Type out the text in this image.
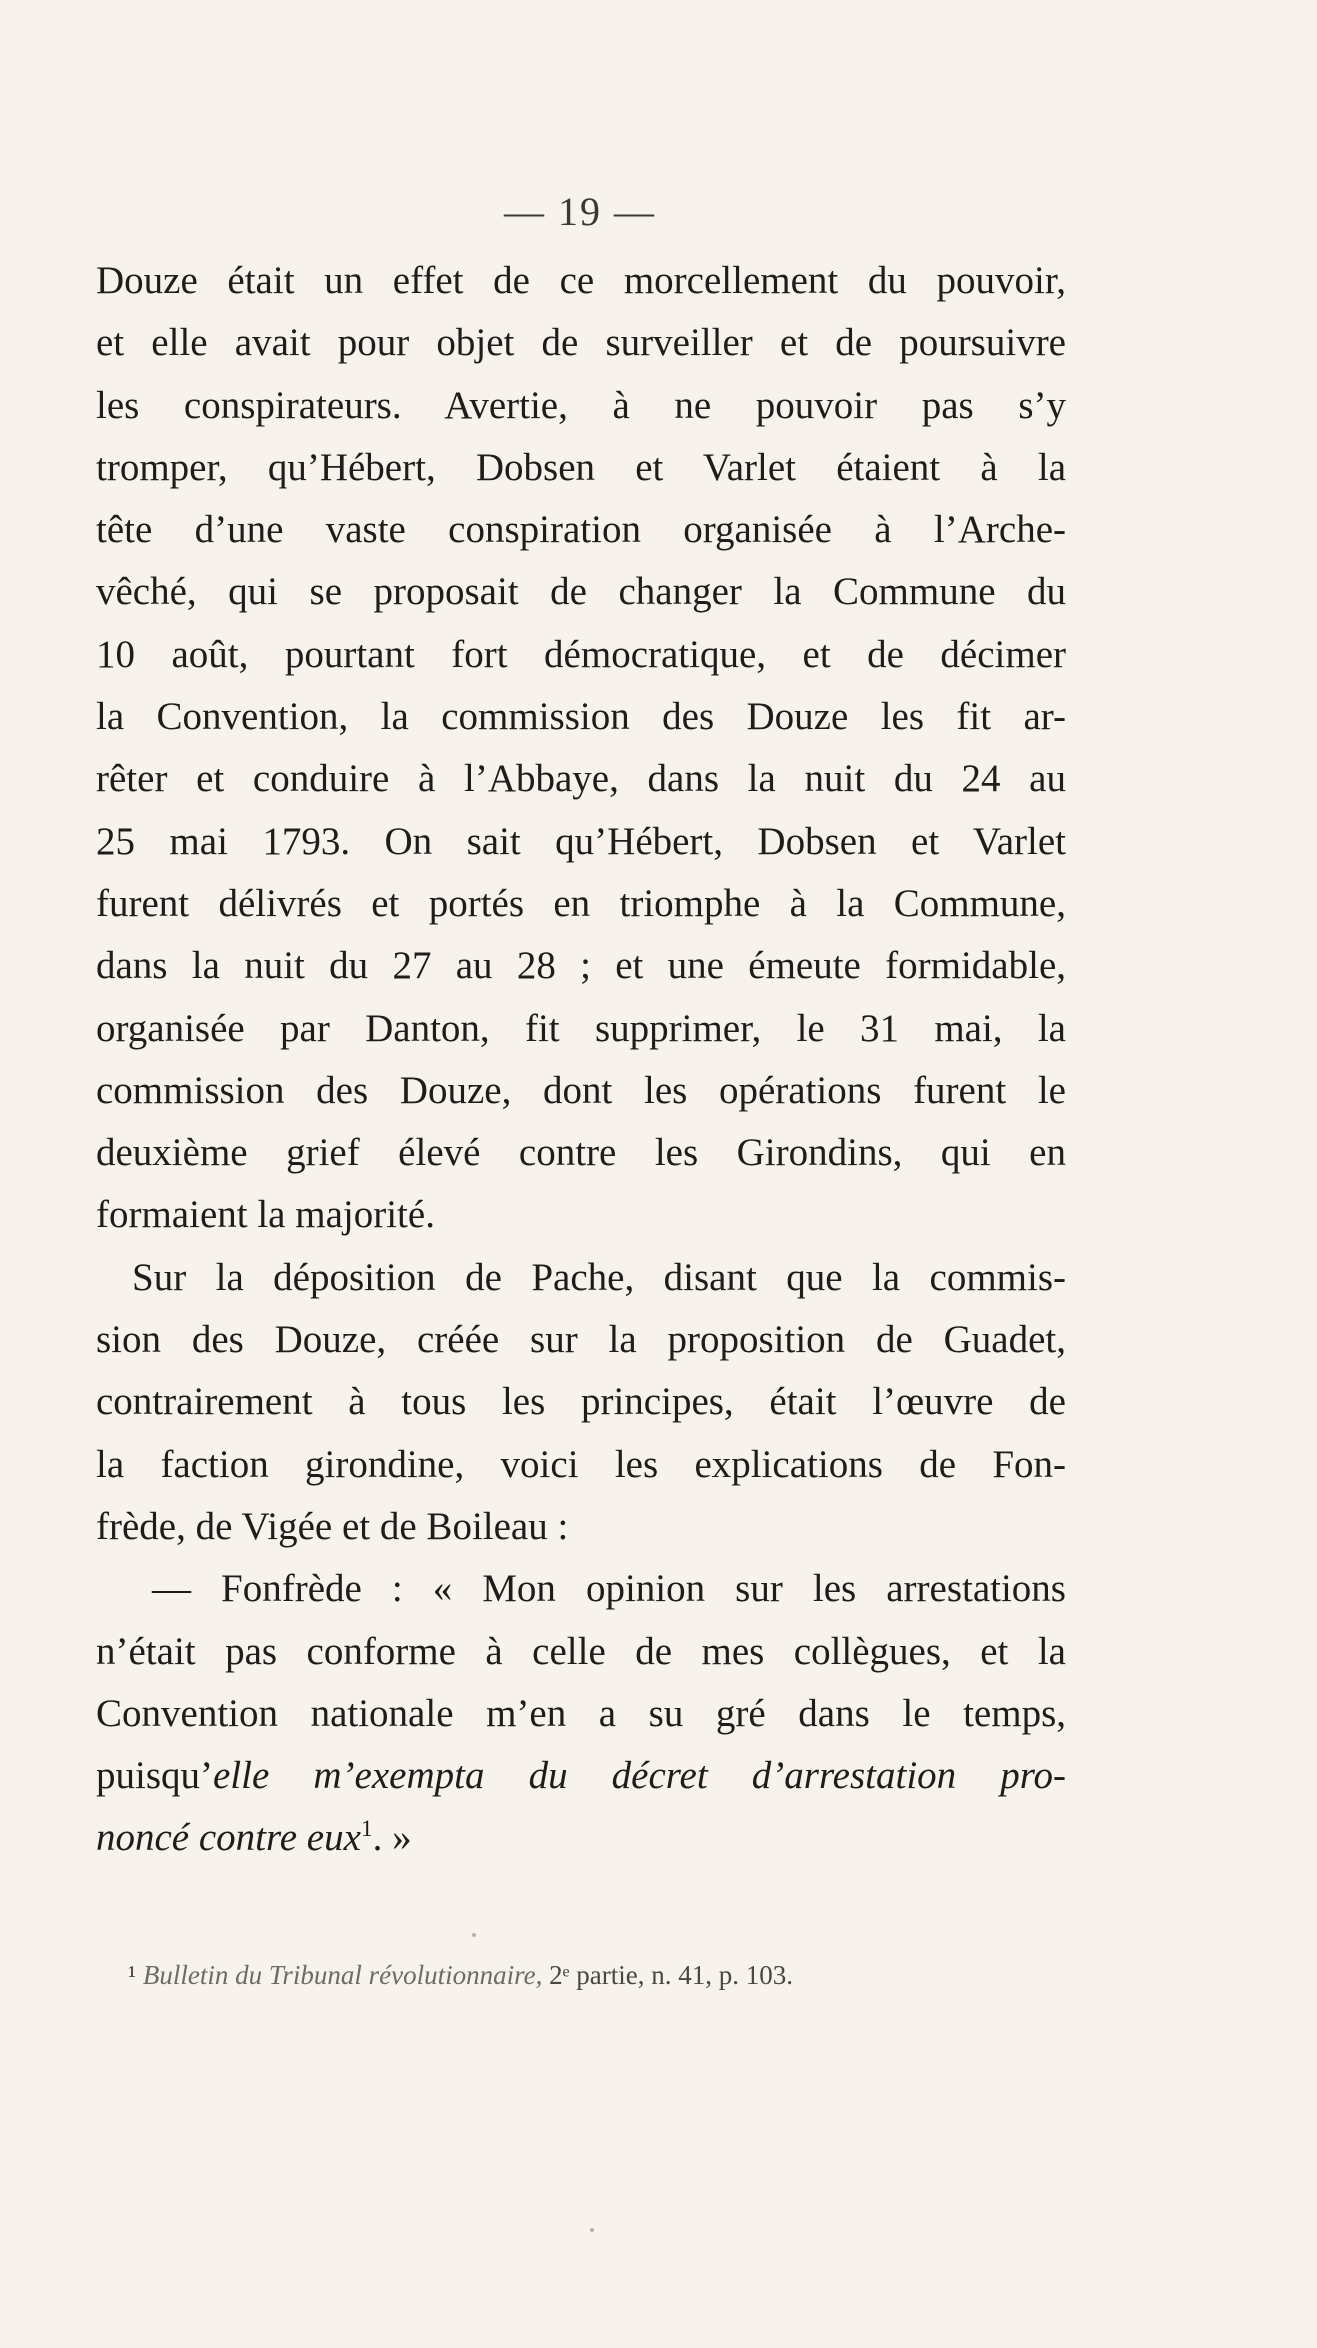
— 19 —
Douze était un effet de ce morcellement du pouvoir,
et elle avait pour objet de surveiller et de poursuivre
les conspirateurs. Avertie, à ne pouvoir pas s’y
tromper, qu’Hébert, Dobsen et Varlet étaient à la
tête d’une vaste conspiration organisée à l’Arche-
vêché, qui se proposait de changer la Commune du
10 août, pourtant fort démocratique, et de décimer
la Convention, la commission des Douze les fit ar-
rêter et conduire à l’Abbaye, dans la nuit du 24 au
25 mai 1793. On sait qu’Hébert, Dobsen et Varlet
furent délivrés et portés en triomphe à la Commune,
dans la nuit du 27 au 28 ; et une émeute formidable,
organisée par Danton, fit supprimer, le 31 mai, la
commission des Douze, dont les opérations furent le
deuxième grief élevé contre les Girondins, qui en
formaient la majorité.
Sur la déposition de Pache, disant que la commis-
sion des Douze, créée sur la proposition de Guadet,
contrairement à tous les principes, était l’œuvre de
la faction girondine, voici les explications de Fon-
frède, de Vigée et de Boileau :
— Fonfrède : « Mon opinion sur les arrestations
n’était pas conforme à celle de mes collègues, et la
Convention nationale m’en a su gré dans le temps,
puisqu’elle m’exempta du décret d’arrestation pro-
noncé contre eux$^1$. »
¹ Bulletin du Tribunal révolutionnaire, 2ᵉ partie, n. 41, p. 103.
